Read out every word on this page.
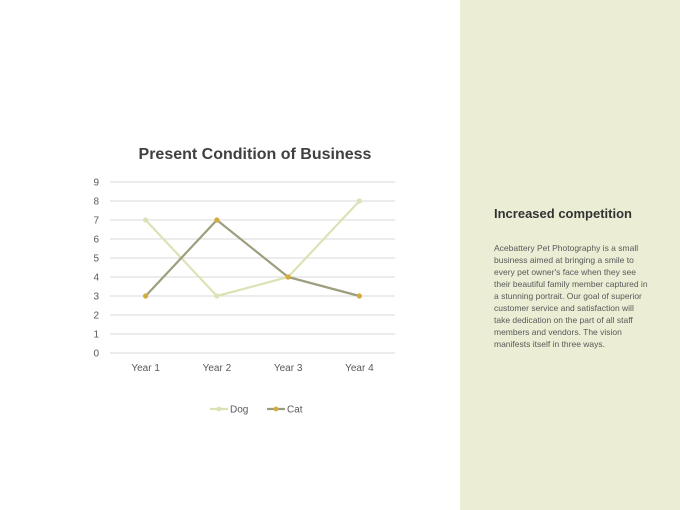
Present Condition of Business
0
1
2
3
4
5
6
7
8
9
Year 1	Year 2	Year 3	Year 4
Dog	Cat
Increased competition
Acebattery Pet Photography is a small business aimed at bringing a smile to every pet owner's face when they see their beautiful family member captured in a stunning portrait. Our goal of superior customer service and satisfaction will take dedication on the part of all staff members and vendors. The vision manifests itself in three ways.
